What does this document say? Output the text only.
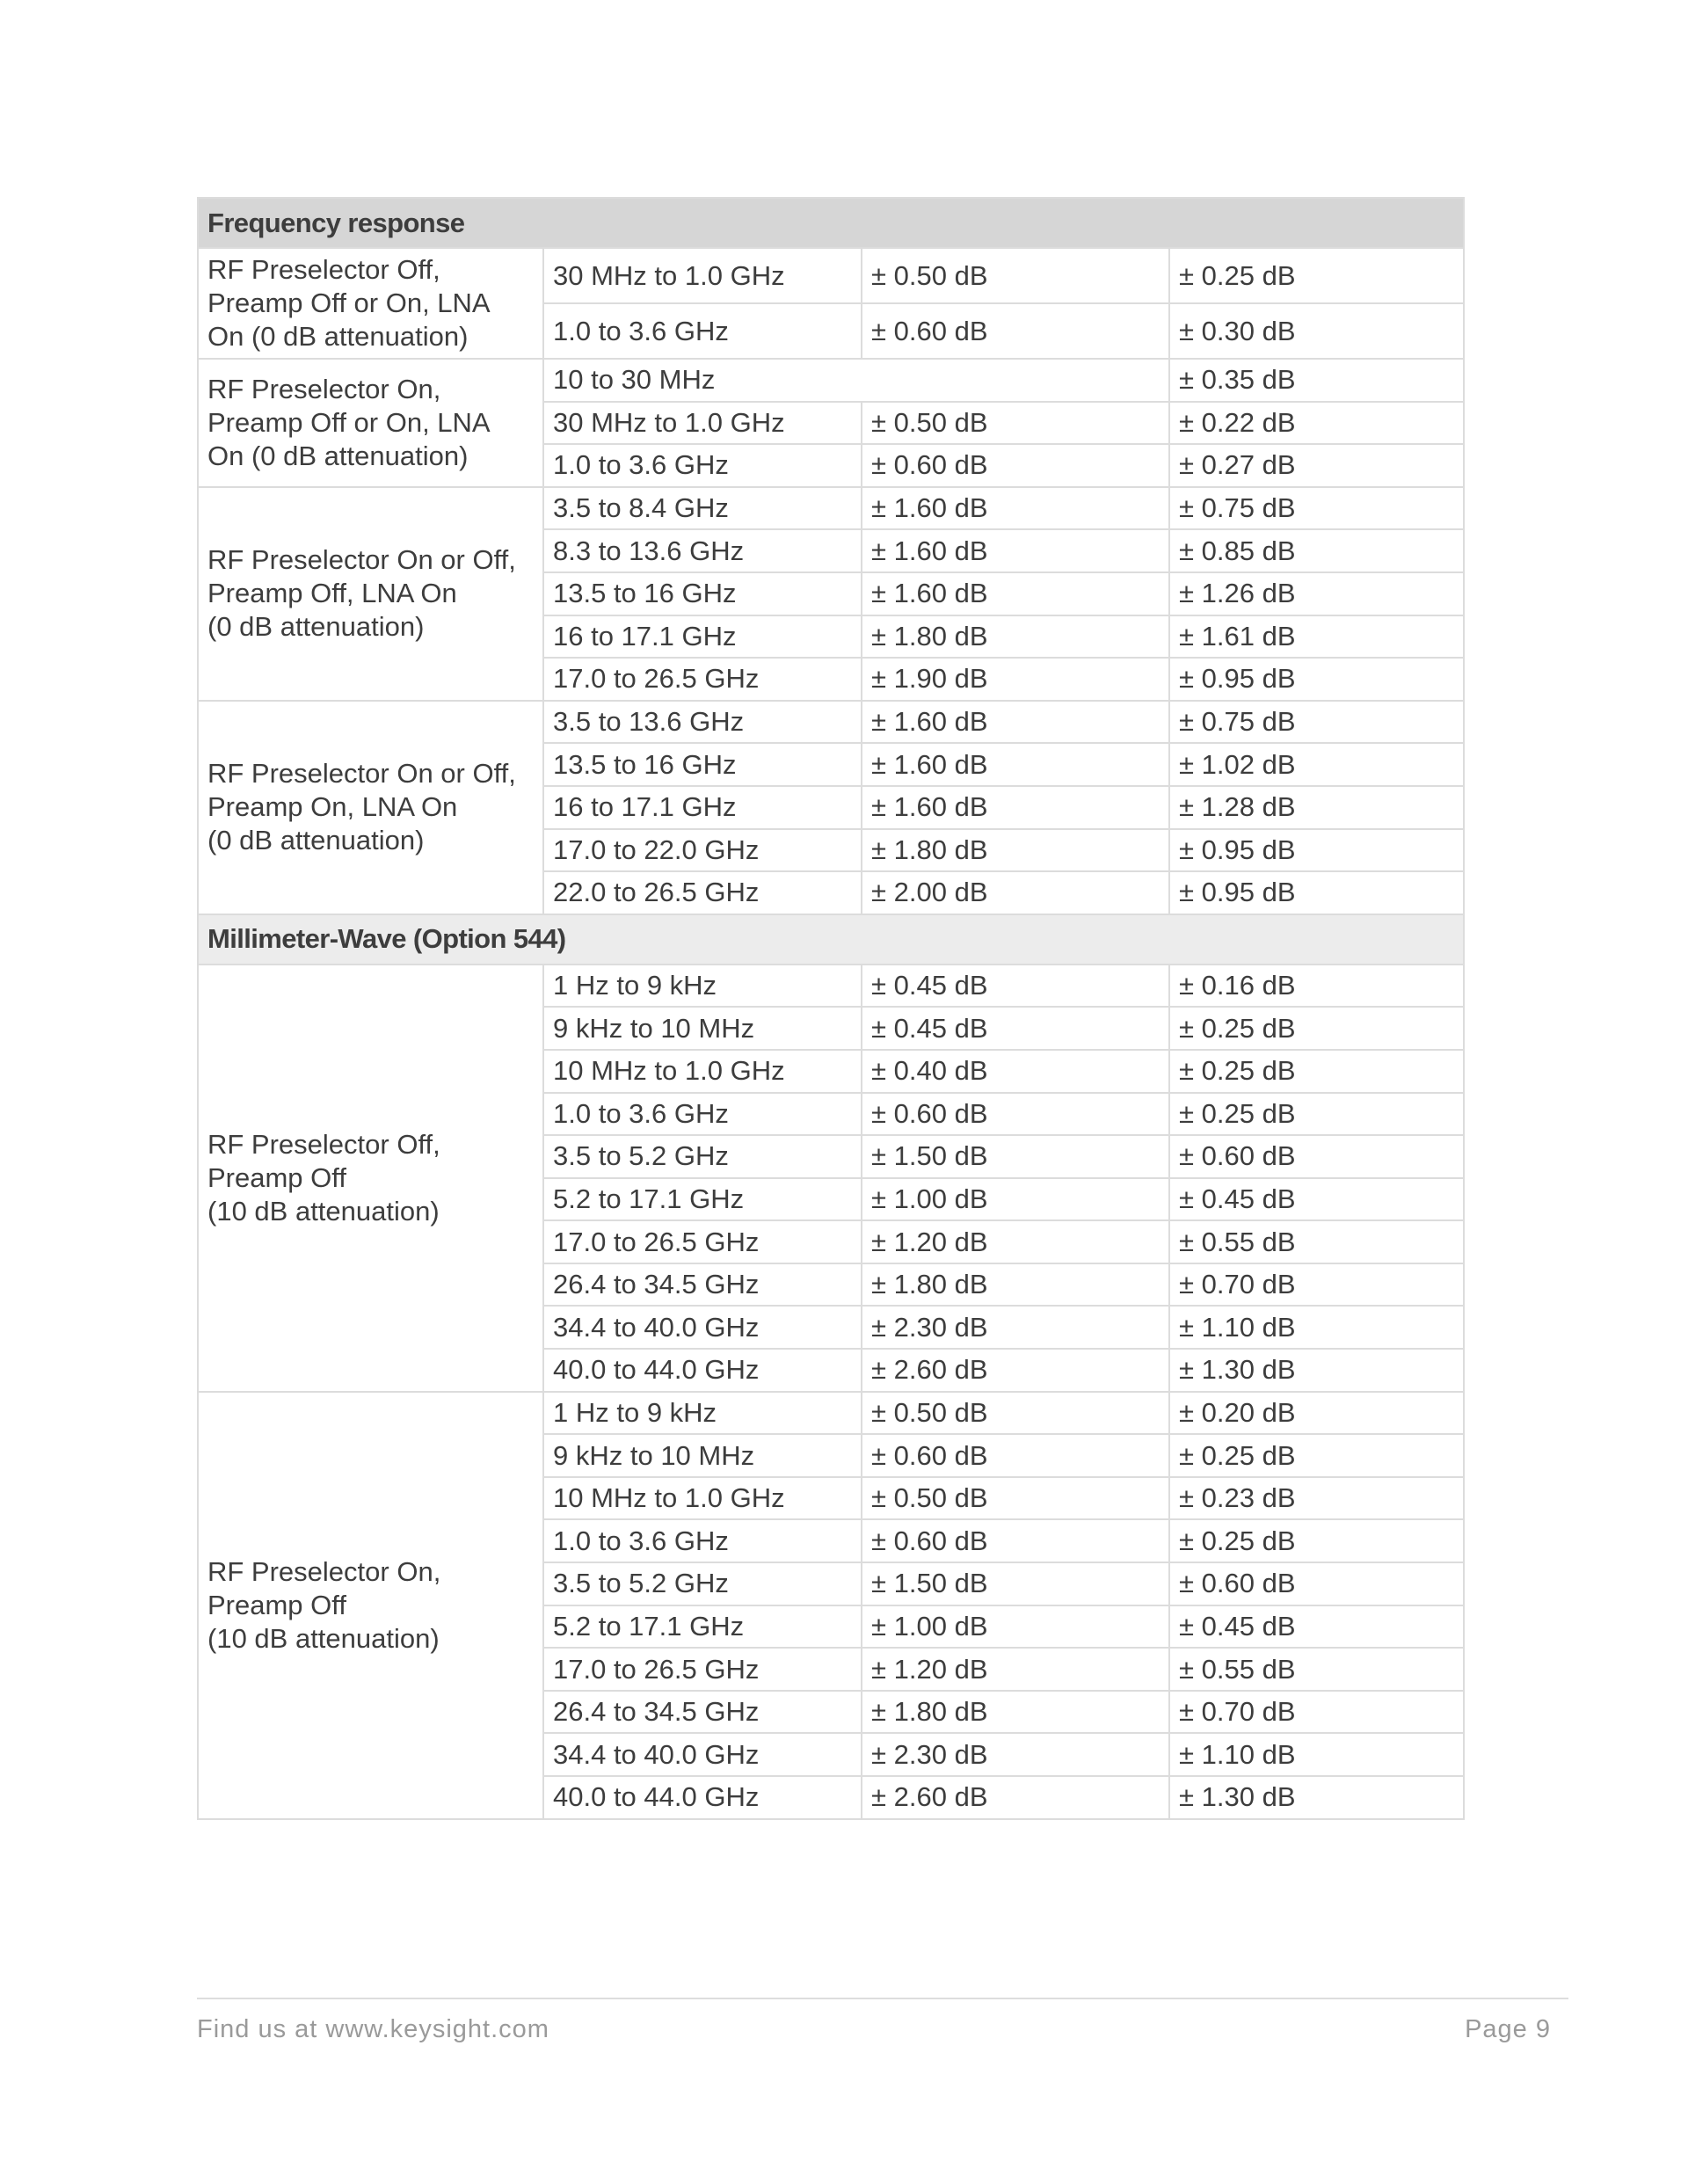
Frequency response			
RF Preselector Off,
Preamp Off or On, LNA
On (0 dB attenuation)	30 MHz to 1.0 GHz	± 0.50 dB	± 0.25 dB
	1.0 to 3.6 GHz	± 0.60 dB	± 0.30 dB
RF Preselector On,
Preamp Off or On, LNA
On (0 dB attenuation)	10 to 30 MHz		± 0.35 dB
	30 MHz to 1.0 GHz	± 0.50 dB	± 0.22 dB
	1.0 to 3.6 GHz	± 0.60 dB	± 0.27 dB
RF Preselector On or Off,
Preamp Off, LNA On
(0 dB attenuation)	3.5 to 8.4 GHz	± 1.60 dB	± 0.75 dB
	8.3 to 13.6 GHz	± 1.60 dB	± 0.85 dB
	13.5 to 16 GHz	± 1.60 dB	± 1.26 dB
	16 to 17.1 GHz	± 1.80 dB	± 1.61 dB
	17.0 to 26.5 GHz	± 1.90 dB	± 0.95 dB
RF Preselector On or Off,
Preamp On, LNA On
(0 dB attenuation)	3.5 to 13.6 GHz	± 1.60 dB	± 0.75 dB
	13.5 to 16 GHz	± 1.60 dB	± 1.02 dB
	16 to 17.1 GHz	± 1.60 dB	± 1.28 dB
	17.0 to 22.0 GHz	± 1.80 dB	± 0.95 dB
	22.0 to 26.5 GHz	± 2.00 dB	± 0.95 dB
Millimeter-Wave (Option 544)			
RF Preselector Off,
Preamp Off
(10 dB attenuation)	1 Hz to 9 kHz	± 0.45 dB	± 0.16 dB
	9 kHz to 10 MHz	± 0.45 dB	± 0.25 dB
	10 MHz to 1.0 GHz	± 0.40 dB	± 0.25 dB
	1.0 to 3.6 GHz	± 0.60 dB	± 0.25 dB
	3.5 to 5.2 GHz	± 1.50 dB	± 0.60 dB
	5.2 to 17.1 GHz	± 1.00 dB	± 0.45 dB
	17.0 to 26.5 GHz	± 1.20 dB	± 0.55 dB
	26.4 to 34.5 GHz	± 1.80 dB	± 0.70 dB
	34.4 to 40.0 GHz	± 2.30 dB	± 1.10 dB
	40.0 to 44.0 GHz	± 2.60 dB	± 1.30 dB
RF Preselector On,
Preamp Off
(10 dB attenuation)	1 Hz to 9 kHz	± 0.50 dB	± 0.20 dB
	9 kHz to 10 MHz	± 0.60 dB	± 0.25 dB
	10 MHz to 1.0 GHz	± 0.50 dB	± 0.23 dB
	1.0 to 3.6 GHz	± 0.60 dB	± 0.25 dB
	3.5 to 5.2 GHz	± 1.50 dB	± 0.60 dB
	5.2 to 17.1 GHz	± 1.00 dB	± 0.45 dB
	17.0 to 26.5 GHz	± 1.20 dB	± 0.55 dB
	26.4 to 34.5 GHz	± 1.80 dB	± 0.70 dB
	34.4 to 40.0 GHz	± 2.30 dB	± 1.10 dB
	40.0 to 44.0 GHz	± 2.60 dB	± 1.30 dB
Find us at www.keysight.com	Page 9
